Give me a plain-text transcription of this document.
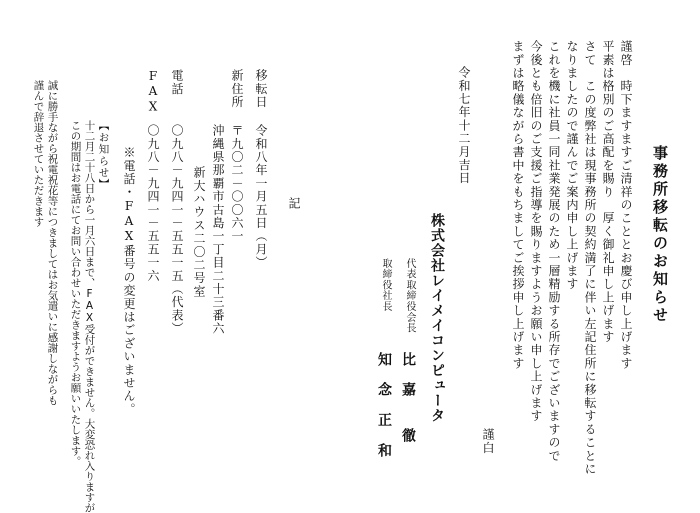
事務所移転のお知らせ
謹啓　時下ますますご清祥のこととお慶び申し上げます
平素は格別のご高配を賜り　厚く御礼申し上げます
さて　この度弊社は現事務所の契約満了に伴い左記住所に移転することに
なりましたので謹んでご案内申し上げます
これを機に社員一同社業発展のため一層精励する所存でございますので
今後とも倍旧のご支援ご指導を賜りますようお願い申し上げます
まずは略儀ながら書中をもちましてご挨拶申し上げます
謹白
令和七年十二月吉日
株式会社レイメイコンピュータ
代表取締役会長
比　嘉　　徹
取締役社長
知　念　正　和
記
移転日
新住所
電話
FAX
令和八年一月五日（月）
〒九〇二－〇〇六一
沖縄県那覇市古島一丁目二十三番六
新大ハウス二〇二号室
〇九八－九四一－五五一五（代表）
〇九八－九四一－五五一六
※電話・FAX番号の変更はございません。
【お知らせ】
十二月二十八日から一月六日まで、FAX受付ができません。大変恐れ入りますが
この期間はお電話にてお問い合わせいただきますようお願いいたします。
誠に勝手ながら祝電祝花等につきましてはお気遣いに感謝しながらも
謹んで辞退させていただきます
